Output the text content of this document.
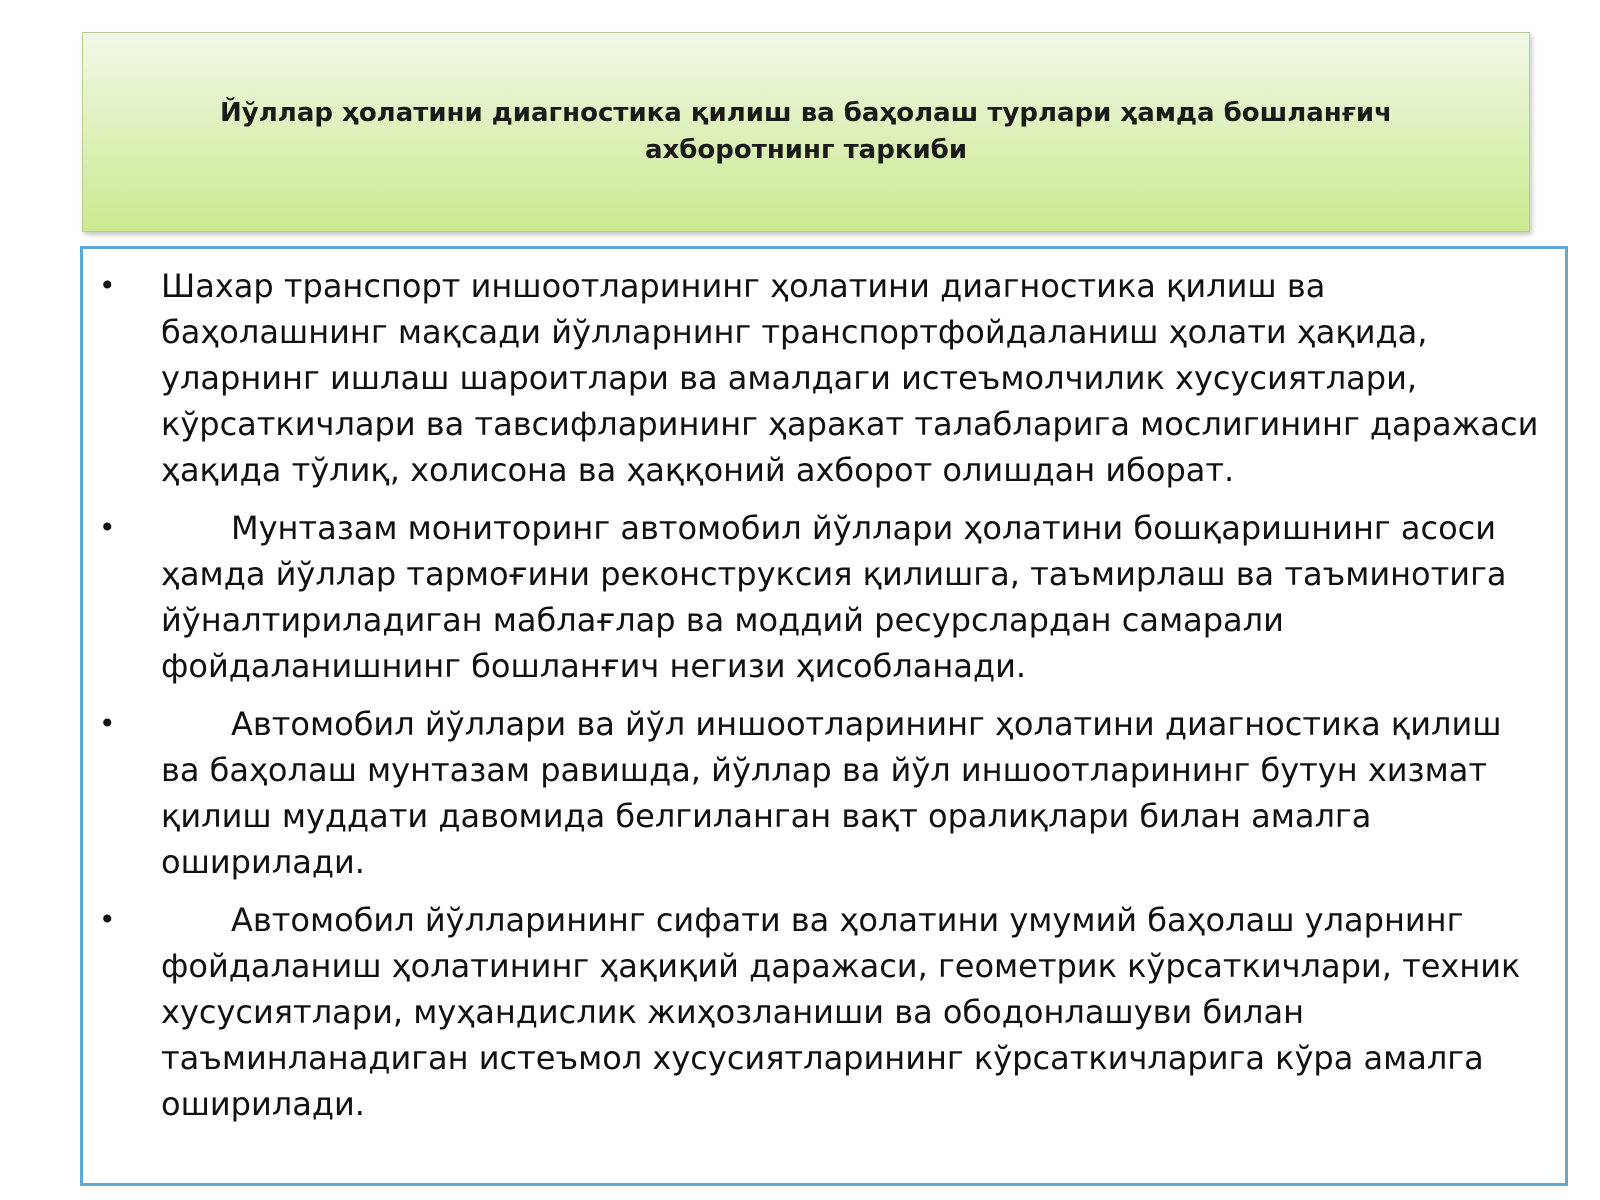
Йўллар ҳолатини диагностика қилиш ва баҳолаш турлари ҳамда бошланғич ахборотнинг таркиби

• Шахар транспорт иншоотларининг ҳолатини диагностика қилиш ва баҳолашнинг мақсади йўлларнинг транспортфойдаланиш ҳолати ҳақида, уларнинг ишлаш шароитлари ва амалдаги истеъмолчилик хусусиятлари, кўрсаткичлари ва тавсифларининг ҳаракат талабларига мослигининг даражаси ҳақида тўлиқ, холисона ва ҳаққоний ахборот олишдан иборат.

•	Мунтазам мониторинг автомобил йўллари ҳолатини бошқаришнинг асоси ҳамда йўллар тармоғини реконструксия қилишга, таъмирлаш ва таъминотига йўналтириладиган маблағлар ва моддий ресурслардан самарали фойдаланишнинг бошланғич негизи ҳисобланади.

•	Автомобил йўллари ва йўл иншоотларининг ҳолатини диагностика қилиш ва баҳолаш мунтазам равишда, йўллар ва йўл иншоотларининг бутун хизмат қилиш муддати давомида белгиланган вақт оралиқлари билан амалга оширилади.

•	Автомобил йўлларининг сифати ва ҳолатини умумий баҳолаш уларнинг фойдаланиш ҳолатининг ҳақиқий даражаси, геометрик кўрсаткичлари, техник хусусиятлари, муҳандислик жиҳозланиши ва ободонлашуви билан таъминланадиган истеъмол хусусиятларининг кўрсаткичларига кўра амалга оширилади.
